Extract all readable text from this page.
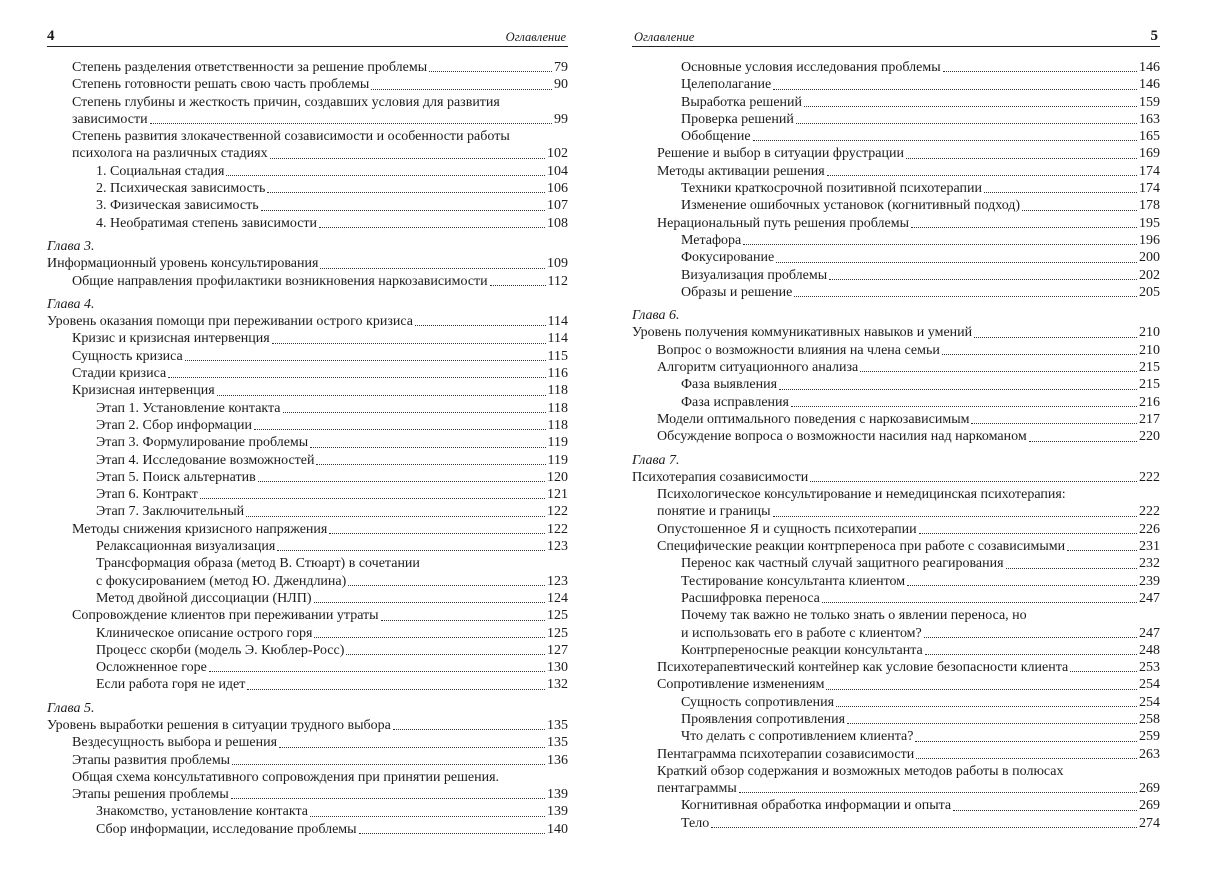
4	Оглавление
Степень разделения ответственности за решение проблемы	79
Степень готовности решать свою часть проблемы	90
Степень глубины и жесткость причин, создавших условия для развития
зависимости	99
Степень развития злокачественной созависимости и особенности работы
психолога на различных стадиях	102
1. Социальная стадия	104
2. Психическая зависимость	106
3. Физическая зависимость	107
4. Необратимая степень зависимости	108
Глава 3.
Информационный уровень консультирования	109
Общие направления профилактики возникновения наркозависимости	112
Глава 4.
Уровень оказания помощи при переживании острого кризиса	114
Кризис и кризисная интервенция	114
Сущность кризиса	115
Стадии кризиса	116
Кризисная интервенция	118
Этап 1. Установление контакта	118
Этап 2. Сбор информации	118
Этап 3. Формулирование проблемы	119
Этап 4. Исследование возможностей	119
Этап 5. Поиск альтернатив	120
Этап 6. Контракт	121
Этап 7. Заключительный	122
Методы снижения кризисного напряжения	122
Релаксационная визуализация	123
Трансформация образа (метод В. Стюарт) в сочетании
с фокусированием (метод Ю. Джендлина)	123
Метод двойной диссоциации (НЛП)	124
Сопровождение клиентов при переживании утраты	125
Клиническое описание острого горя	125
Процесс скорби (модель Э. Кюблер-Росс)	127
Осложненное горе	130
Если работа горя не идет	132
Глава 5.
Уровень выработки решения в ситуации трудного выбора	135
Вездесущность выбора и решения	135
Этапы развития проблемы	136
Общая схема консультативного сопровождения при принятии решения.
Этапы решения проблемы	139
Знакомство, установление контакта	139
Сбор информации, исследование проблемы	140
Оглавление	5
Основные условия исследования проблемы	146
Целеполагание	146
Выработка решений	159
Проверка решений	163
Обобщение	165
Решение и выбор в ситуации фрустрации	169
Методы активации решения	174
Техники краткосрочной позитивной психотерапии	174
Изменение ошибочных установок (когнитивный подход)	178
Нерациональный путь решения проблемы	195
Метафора	196
Фокусирование	200
Визуализация проблемы	202
Образы и решение	205
Глава 6.
Уровень получения коммуникативных навыков и умений	210
Вопрос о возможности влияния на члена семьи	210
Алгоритм ситуационного анализа	215
Фаза выявления	215
Фаза исправления	216
Модели оптимального поведения с наркозависимым	217
Обсуждение вопроса о возможности насилия над наркоманом	220
Глава 7.
Психотерапия созависимости	222
Психологическое консультирование и немедицинская психотерапия:
понятие и границы	222
Опустошенное Я и сущность психотерапии	226
Специфические реакции контрпереноса при работе с созависимыми	231
Перенос как частный случай защитного реагирования	232
Тестирование консультанта клиентом	239
Расшифровка переноса	247
Почему так важно не только знать о явлении переноса, но
и использовать его в работе с клиентом?	247
Контрпереносные реакции консультанта	248
Психотерапевтический контейнер как условие безопасности клиента	253
Сопротивление изменениям	254
Сущность сопротивления	254
Проявления сопротивления	258
Что делать с сопротивлением клиента?	259
Пентаграмма психотерапии созависимости	263
Краткий обзор содержания и возможных методов работы в полюсах
пентаграммы	269
Когнитивная обработка информации и опыта	269
Тело	274
